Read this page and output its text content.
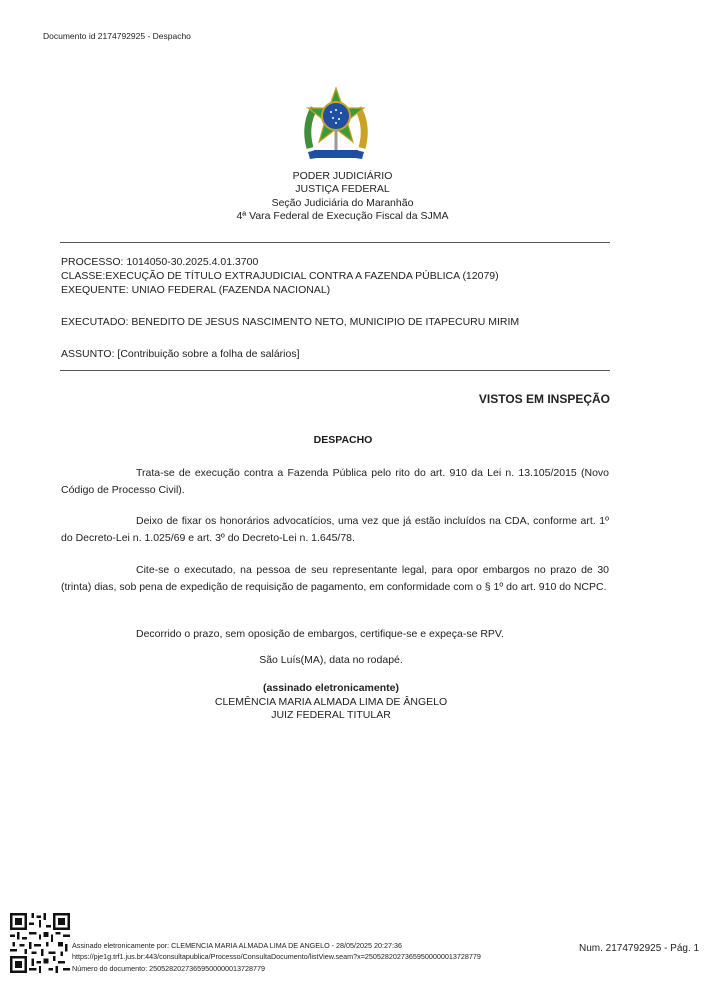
Documento id 2174792925 - Despacho
PODER JUDICIÁRIO
JUSTIÇA FEDERAL
Seção Judiciária do Maranhão
4ª Vara Federal de Execução Fiscal da SJMA
PROCESSO: 1014050-30.2025.4.01.3700
CLASSE:EXECUÇÃO DE TÍTULO EXTRAJUDICIAL CONTRA A FAZENDA PÚBLICA (12079)
EXEQUENTE: UNIAO FEDERAL (FAZENDA NACIONAL)
EXECUTADO: BENEDITO DE JESUS NASCIMENTO NETO, MUNICIPIO DE ITAPECURU MIRIM
ASSUNTO: [Contribuição sobre a folha de salários]
VISTOS EM INSPEÇÃO
DESPACHO
Trata-se de execução contra a Fazenda Pública pelo rito do art. 910 da Lei n. 13.105/2015 (Novo Código de Processo Civil).
Deixo de fixar os honorários advocatícios, uma vez que já estão incluídos na CDA, conforme art. 1º do Decreto-Lei n. 1.025/69 e art. 3º do Decreto-Lei n. 1.645/78.
Cite-se o executado, na pessoa de seu representante legal, para opor embargos no prazo de 30 (trinta) dias, sob pena de expedição de requisição de pagamento, em conformidade com o § 1º do art. 910 do NCPC.
Decorrido o prazo, sem oposição de embargos, certifique-se e expeça-se RPV.
São Luís(MA), data no rodapé.
(assinado eletronicamente)
CLEMÊNCIA MARIA ALMADA LIMA DE ÂNGELO
JUIZ FEDERAL TITULAR
Assinado eletronicamente por: CLEMENCIA MARIA ALMADA LIMA DE ANGELO - 28/05/2025 20:27:36
https://pje1g.trf1.jus.br:443/consultapublica/Processo/ConsultaDocumento/listView.seam?x=25052820273659500000013728779
Número do documento: 25052820273659500000013728779
Num. 2174792925 - Pág. 1
